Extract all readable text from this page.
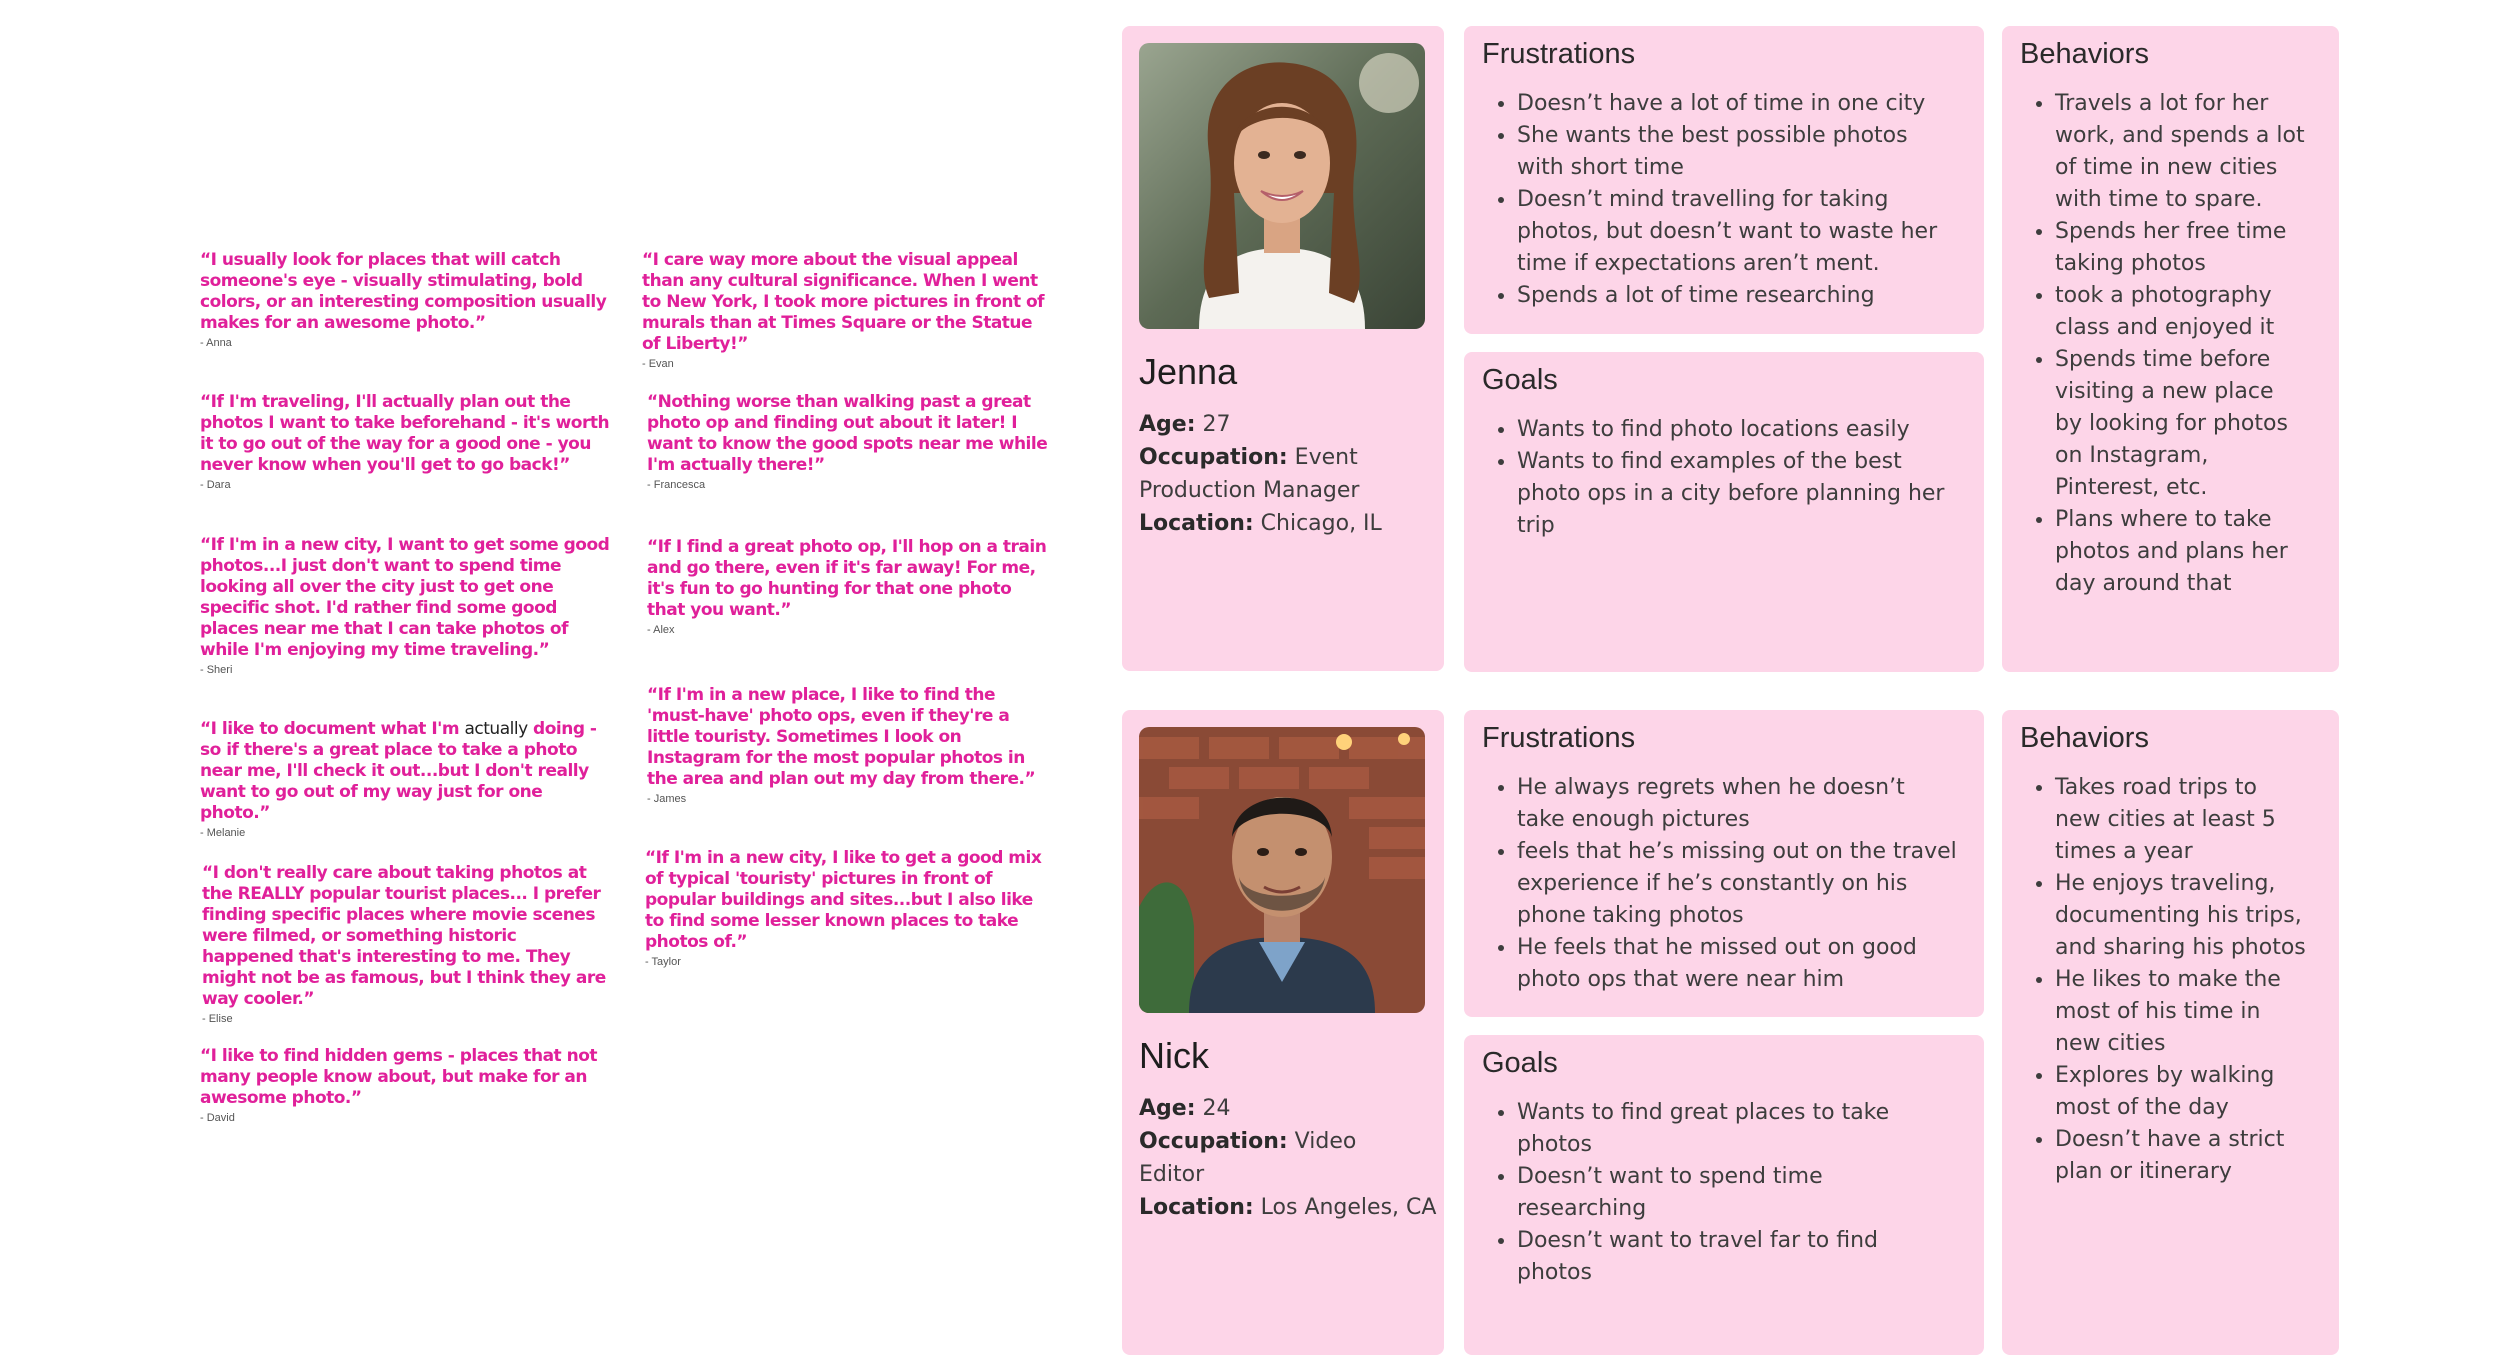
“I usually look for places that will catch someone's eye - visually stimulating, bold colors, or an interesting composition usually makes for an awesome photo.”

- Anna

“If I'm traveling, I'll actually plan out the photos I want to take beforehand - it's worth it to go out of the way for a good one - you never know when you'll get to go back!”

- Dara

“If I'm in a new city, I want to get some good photos...I just don't want to spend time looking all over the city just to get one specific shot. I'd rather find some good places near me that I can take photos of while I'm enjoying my time traveling.”

- Sheri

“I like to document what I'm actually doing - so if there's a great place to take a photo near me, I'll check it out...but I don't really want to go out of my way just for one photo.”

- Melanie

“I don't really care about taking photos at the REALLY popular tourist places... I prefer finding specific places where movie scenes were filmed, or something historic happened that's interesting to me. They might not be as famous, but I think they are way cooler.”

- Elise

“I like to find hidden gems - places that not many people know about, but make for an awesome photo.”

- David

“I care way more about the visual appeal than any cultural significance. When I went to New York, I took more pictures in front of murals than at Times Square or the Statue of Liberty!”

- Evan

“Nothing worse than walking past a great photo op and finding out about it later! I want to know the good spots near me while I'm actually there!”

- Francesca

“If I find a great photo op, I'll hop on a train and go there, even if it's far away! For me, it's fun to go hunting for that one photo that you want.”

- Alex

“If I'm in a new place, I like to find the 'must-have' photo ops, even if they're a little touristy. Sometimes I look on Instagram for the most popular photos in the area and plan out my day from there.”

- James

“If I'm in a new city, I like to get a good mix of typical 'touristy' pictures in front of popular buildings and sites...but I also like to find some lesser known places to take photos of.”

- Taylor

Jenna

Age: 27
Occupation: Event Production Manager
Location: Chicago, IL
Frustrations
• Doesn’t have a lot of time in one city
• She wants the best possible photos with short time
• Doesn’t mind travelling for taking photos, but doesn’t want to waste her time if expectations aren’t ment.
• Spends a lot of time researching
Goals
• Wants to find photo locations easily
• Wants to find examples of the best photo ops in a city before planning her trip
Behaviors
• Travels a lot for her work, and spends a lot of time in new cities with time to spare.
• Spends her free time taking photos
• took a photography class and enjoyed it
• Spends time before visiting a new place by looking for photos on Instagram, Pinterest, etc.
• Plans where to take photos and plans her day around that

Nick

Age: 24
Occupation: Video Editor
Location: Los Angeles, CA
Frustrations
• He always regrets when he doesn’t take enough pictures
• feels that he’s missing out on the travel experience if he’s constantly on his phone taking photos
• He feels that he missed out on good photo ops that were near him
Goals
• Wants to find great places to take photos
• Doesn’t want to spend time researching
• Doesn’t want to travel far to find photos
Behaviors
• Takes road trips to new cities at least 5 times a year
• He enjoys traveling, documenting his trips, and sharing his photos
• He likes to make the most of his time in new cities
• Explores by walking most of the day
• Doesn’t have a strict plan or itinerary
